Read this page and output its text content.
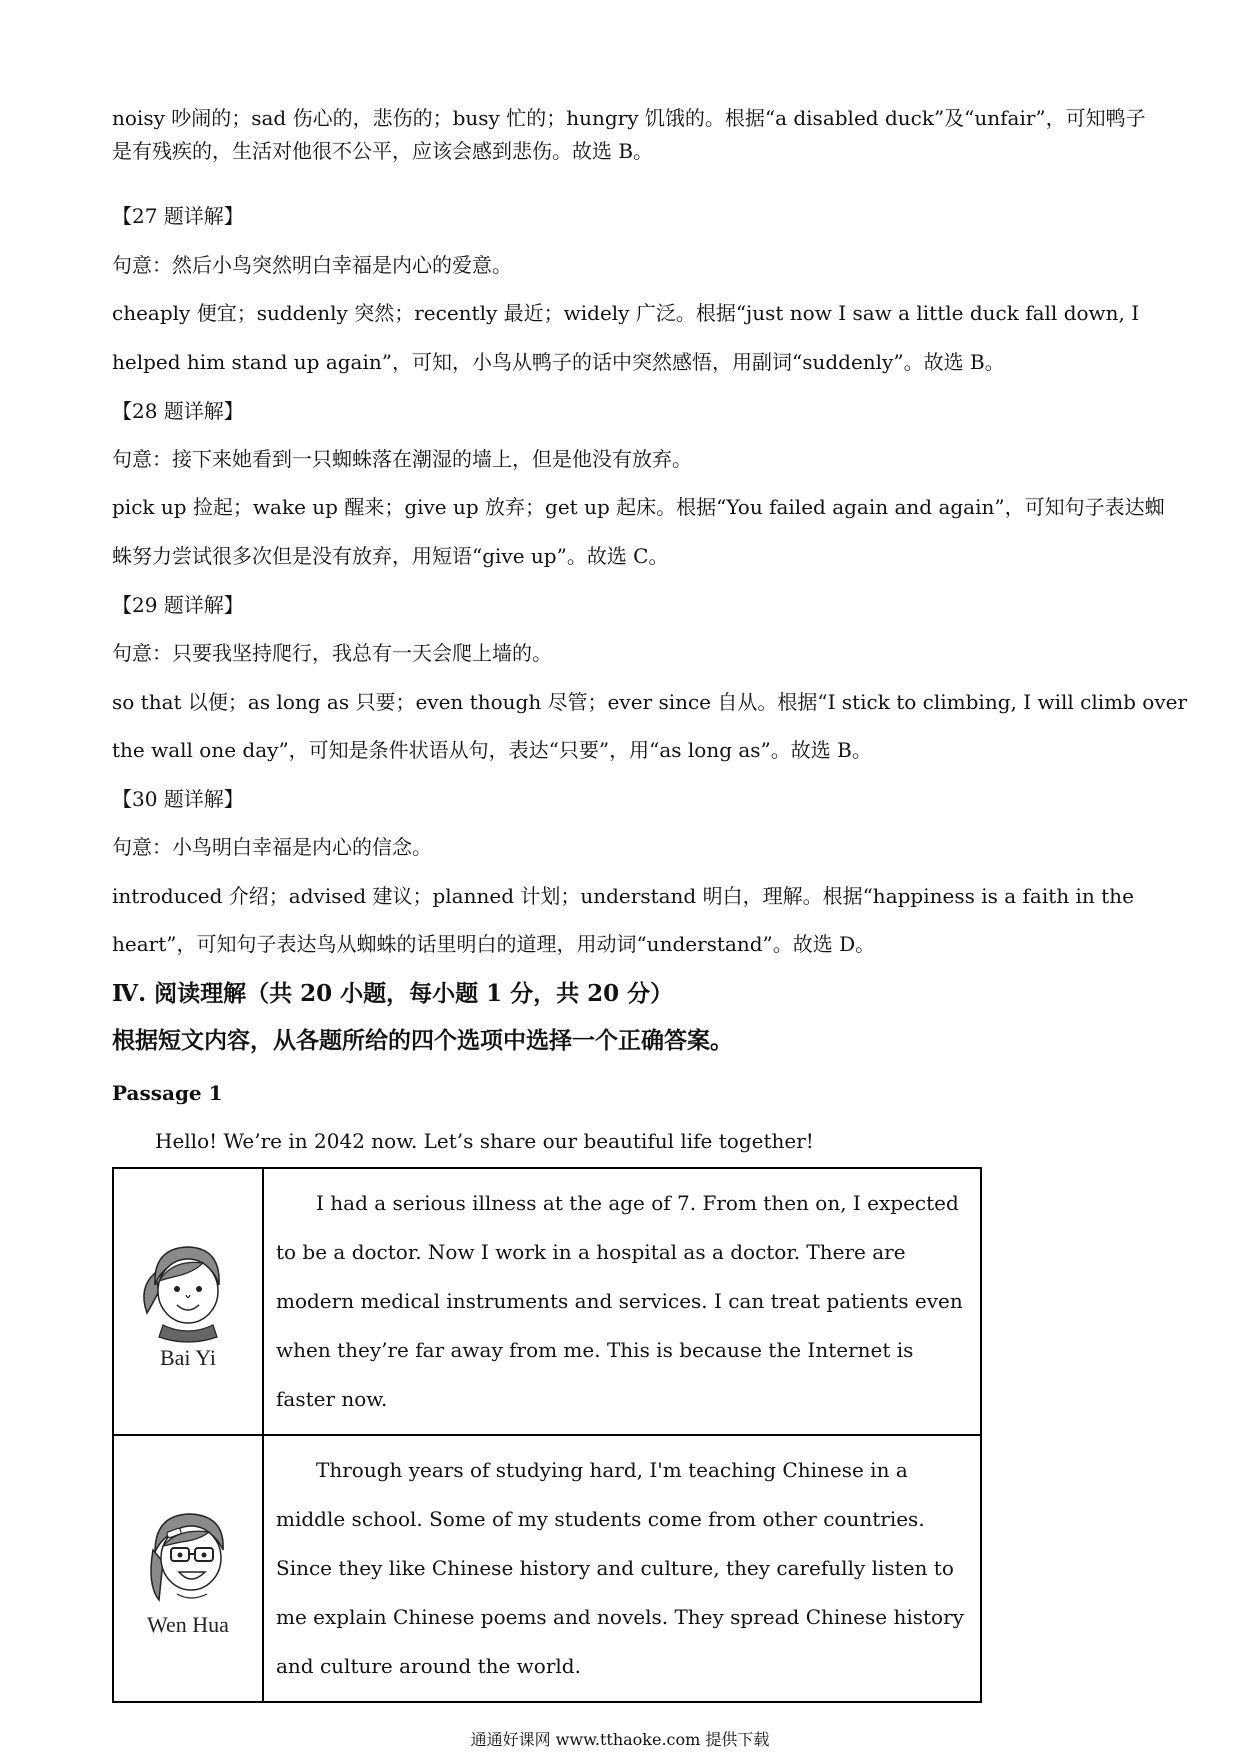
noisy 吵闹的；sad 伤心的，悲伤的；busy 忙的；hungry 饥饿的。根据“a disabled duck”及“unfair”，可知鸭子
是有残疾的，生活对他很不公平，应该会感到悲伤。故选 B。
【27 题详解】
句意：然后小鸟突然明白幸福是内心的爱意。
cheaply 便宜；suddenly 突然；recently 最近；widely 广泛。根据“just now I saw a little duck fall down, I
helped him stand up again”，可知，小鸟从鸭子的话中突然感悟，用副词“suddenly”。故选 B。
【28 题详解】
句意：接下来她看到一只蜘蛛落在潮湿的墙上，但是他没有放弃。
pick up 捡起；wake up 醒来；give up 放弃；get up 起床。根据“You failed again and again”，可知句子表达蜘
蛛努力尝试很多次但是没有放弃，用短语“give up”。故选 C。
【29 题详解】
句意：只要我坚持爬行，我总有一天会爬上墙的。
so that 以便；as long as 只要；even though 尽管；ever since 自从。根据“I stick to climbing, I will climb over
the wall one day”，可知是条件状语从句，表达“只要”，用“as long as”。故选 B。
【30 题详解】
句意：小鸟明白幸福是内心的信念。
introduced 介绍；advised 建议；planned 计划；understand 明白，理解。根据“happiness is a faith in the
heart”，可知句子表达鸟从蜘蛛的话里明白的道理，用动词“understand”。故选 D。
Ⅳ. 阅读理解（共 20 小题，每小题 1 分，共 20 分）
根据短文内容，从各题所给的四个选项中选择一个正确答案。
Passage 1
Hello! We’re in 2042 now. Let’s share our beautiful life together!
Bai Yi	I had a serious illness at the age of 7. From then on, I expected to be a doctor. Now I work in a hospital as a doctor. There are modern medical instruments and services. I can treat patients even when they’re far away from me. This is because the Internet is faster now.

Wen Hua	Through years of studying hard, I'm teaching Chinese in a middle school. Some of my students come from other countries. Since they like Chinese history and culture, they carefully listen to me explain Chinese poems and novels. They spread Chinese history and culture around the world.
通通好课网 www.tthaoke.com 提供下载
